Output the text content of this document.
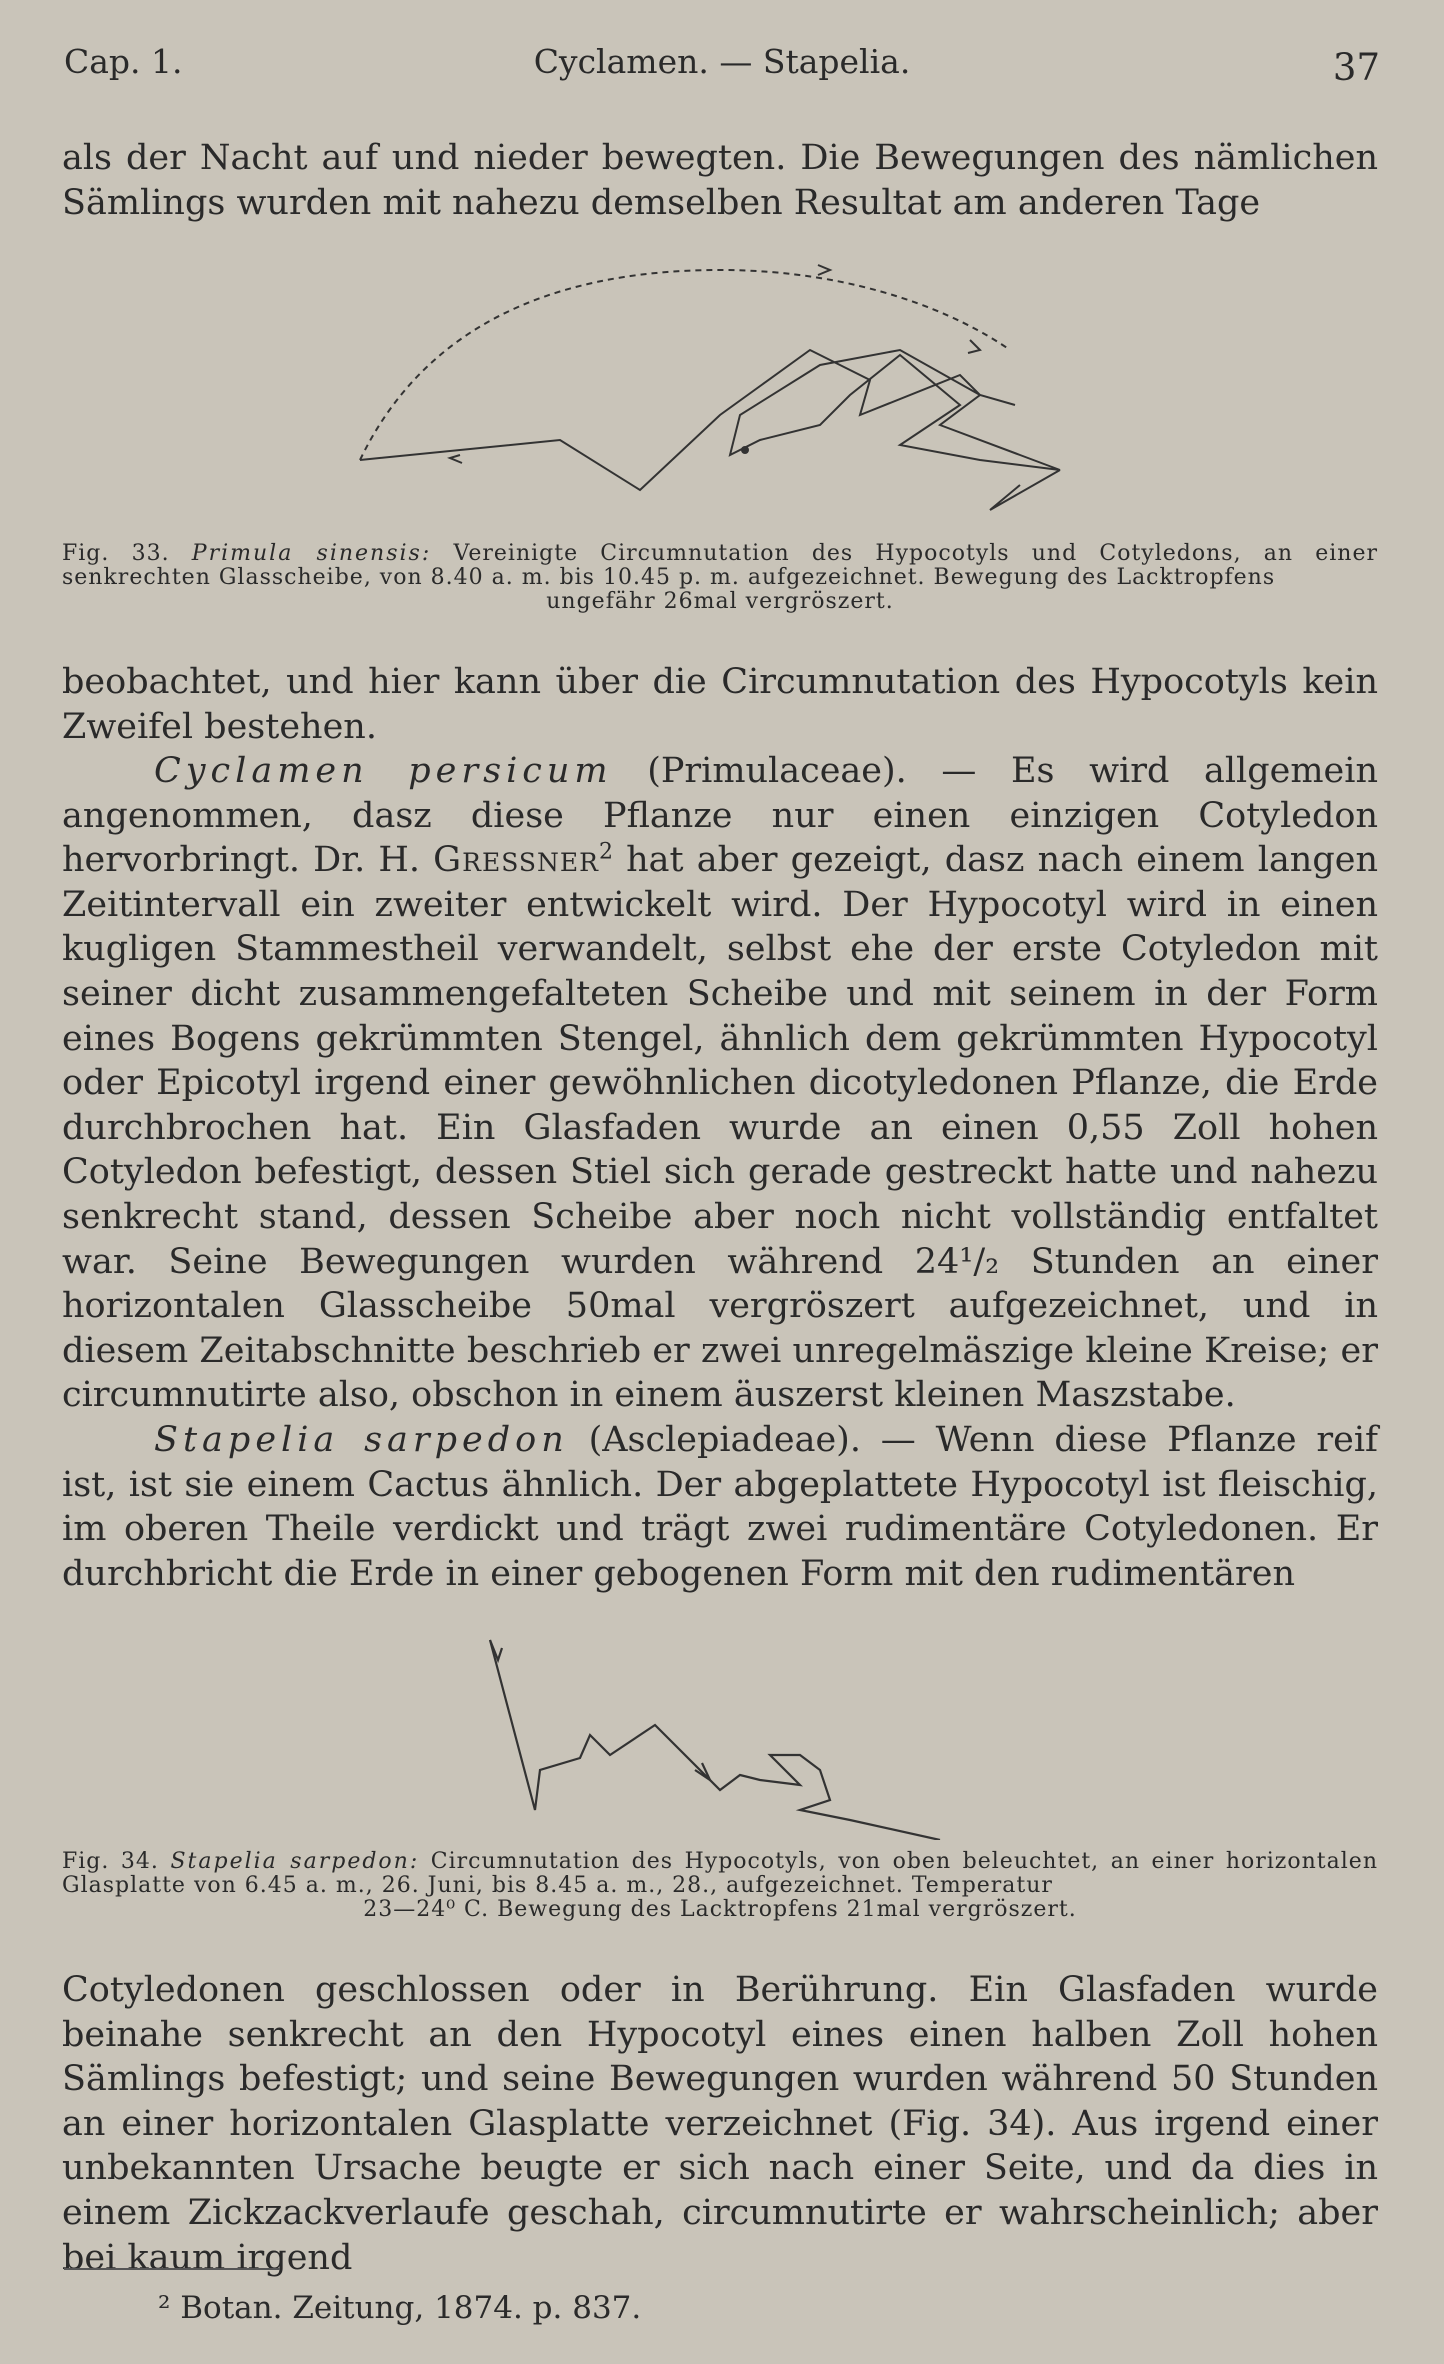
Cap. 1.	Cyclamen. — Stapelia.	37

als der Nacht auf und nieder bewegten. Die Bewegungen des nämlichen Sämlings wurden mit nahezu demselben Resultat am anderen Tage

Fig. 33. Primula sinensis: Vereinigte Circumnutation des Hypocotyls und Cotyledons, an einer senkrechten Glasscheibe, von 8.40 a. m. bis 10.45 p. m. aufgezeichnet. Bewegung des Lacktropfens
ungefähr 26mal vergröszert.

beobachtet, und hier kann über die Circumnutation des Hypocotyls kein Zweifel bestehen.

Cyclamen persicum (Primulaceae). — Es wird allgemein angenommen, dasz diese Pflanze nur einen einzigen Cotyledon hervorbringt. Dr. H. Gressner$^2$ hat aber gezeigt, dasz nach einem langen Zeitintervall ein zweiter entwickelt wird. Der Hypocotyl wird in einen kugligen Stammestheil verwandelt, selbst ehe der erste Cotyledon mit seiner dicht zusammengefalteten Scheibe und mit seinem in der Form eines Bogens gekrümmten Stengel, ähnlich dem gekrümmten Hypocotyl oder Epicotyl irgend einer gewöhnlichen dicotyledonen Pflanze, die Erde durchbrochen hat. Ein Glasfaden wurde an einen 0,55 Zoll hohen Cotyledon befestigt, dessen Stiel sich gerade gestreckt hatte und nahezu senkrecht stand, dessen Scheibe aber noch nicht vollständig entfaltet war. Seine Bewegungen wurden während 24¹/₂ Stunden an einer horizontalen Glasscheibe 50mal vergröszert aufgezeichnet, und in diesem Zeitabschnitte beschrieb er zwei unregelmäszige kleine Kreise; er circumnutirte also, obschon in einem äuszerst kleinen Maszstabe.

Stapelia sarpedon (Asclepiadeae). — Wenn diese Pflanze reif ist, ist sie einem Cactus ähnlich. Der abgeplattete Hypocotyl ist fleischig, im oberen Theile verdickt und trägt zwei rudimentäre Cotyledonen. Er durchbricht die Erde in einer gebogenen Form mit den rudimentären

Fig. 34. Stapelia sarpedon: Circumnutation des Hypocotyls, von oben beleuchtet, an einer horizontalen Glasplatte von 6.45 a. m., 26. Juni, bis 8.45 a. m., 28., aufgezeichnet. Temperatur
23—24⁰ C. Bewegung des Lacktropfens 21mal vergröszert.

Cotyledonen geschlossen oder in Berührung. Ein Glasfaden wurde beinahe senkrecht an den Hypocotyl eines einen halben Zoll hohen Sämlings befestigt; und seine Bewegungen wurden während 50 Stunden an einer horizontalen Glasplatte verzeichnet (Fig. 34). Aus irgend einer unbekannten Ursache beugte er sich nach einer Seite, und da dies in einem Zickzackverlaufe geschah, circumnutirte er wahrscheinlich; aber bei kaum irgend

² Botan. Zeitung, 1874. p. 837.
